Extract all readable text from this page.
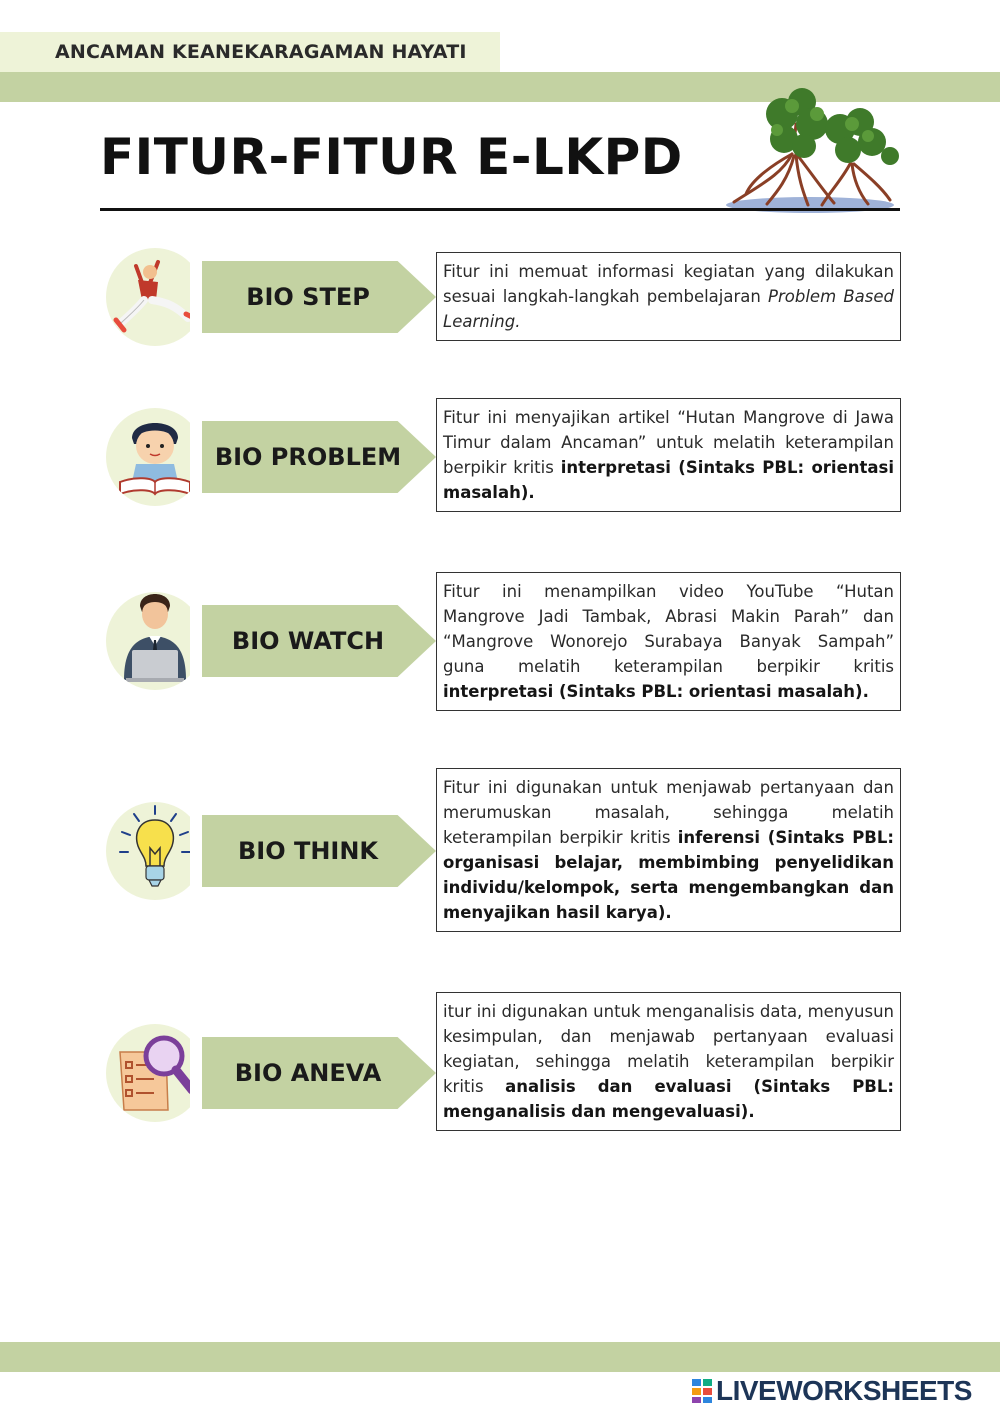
ANCAMAN KEANEKARAGAMAN HAYATI
FITUR-FITUR E-LKPD
BIO STEP
Fitur ini memuat informasi kegiatan yang dilakukan sesuai langkah-langkah pembelajaran Problem Based Learning.
BIO PROBLEM
Fitur ini menyajikan artikel “Hutan Mangrove di Jawa Timur dalam Ancaman” untuk melatih keterampilan berpikir kritis interpretasi (Sintaks PBL: orientasi masalah).
BIO WATCH
Fitur ini menampilkan video YouTube “Hutan Mangrove Jadi Tambak, Abrasi Makin Parah” dan “Mangrove Wonorejo Surabaya Banyak Sampah” guna melatih keterampilan berpikir kritis interpretasi (Sintaks PBL: orientasi masalah).
BIO THINK
Fitur ini digunakan untuk menjawab pertanyaan dan merumuskan masalah, sehingga melatih keterampilan berpikir kritis inferensi (Sintaks PBL: organisasi belajar, membimbing penyelidikan individu/kelompok, serta mengembangkan dan menyajikan hasil karya).
BIO ANEVA
itur ini digunakan untuk menganalisis data, menyusun kesimpulan, dan menjawab pertanyaan evaluasi kegiatan, sehingga melatih keterampilan berpikir kritis analisis dan evaluasi (Sintaks PBL: menganalisis dan mengevaluasi).
LIVEWORKSHEETS
